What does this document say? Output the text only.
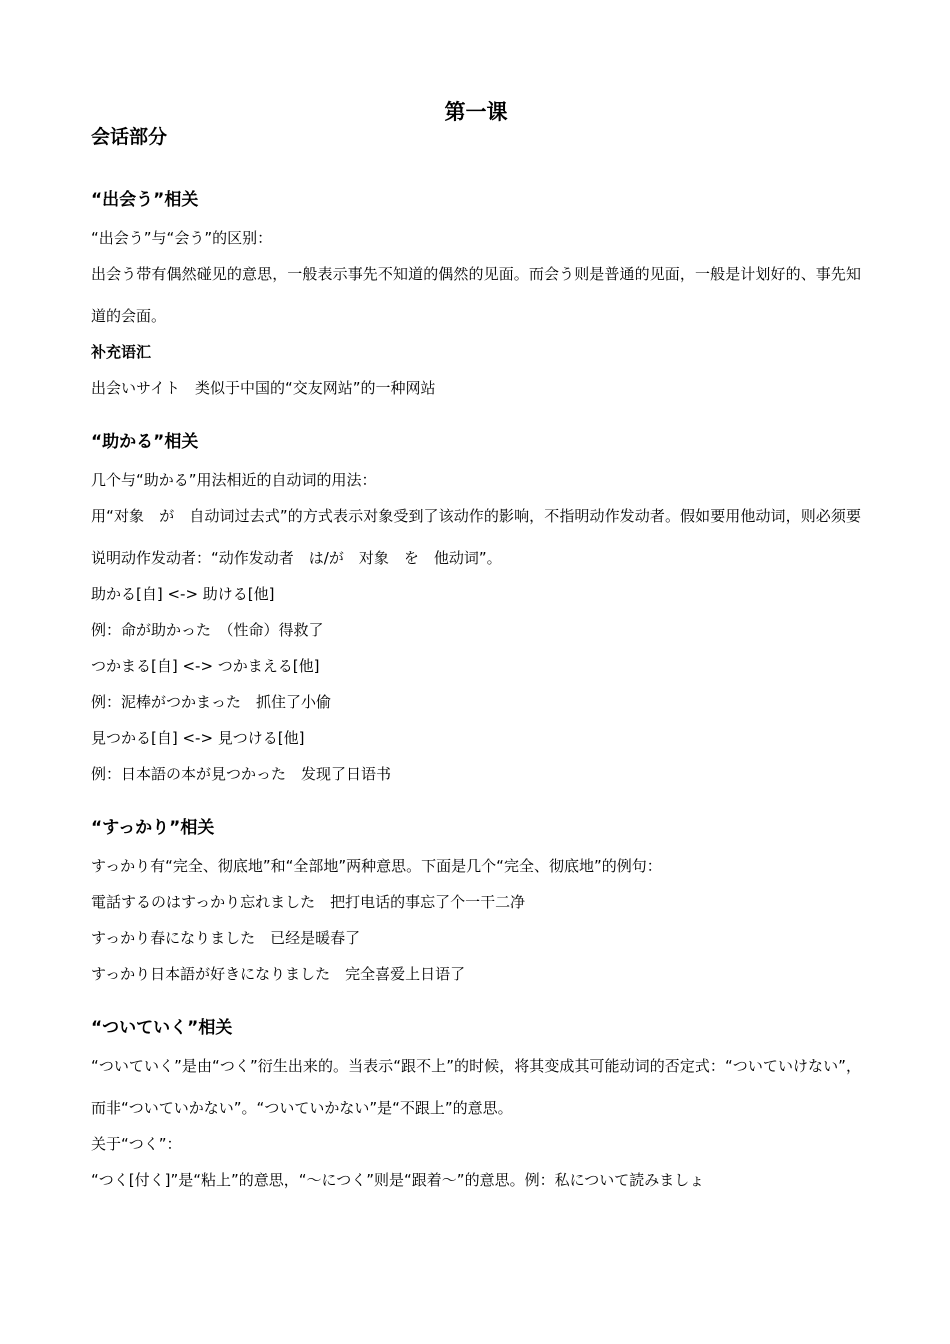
第一课
会话部分
“出会う”相关

“出会う”与“会う”的区别：

出会う带有偶然碰见的意思，一般表示事先不知道的偶然的见面。而会う则是普通的见面，一般是计划好的、事先知道的会面。

补充语汇

出会いサイト　类似于中国的“交友网站”的一种网站

“助かる”相关

几个与“助かる”用法相近的自动词的用法：

用“对象　が　自动词过去式”的方式表示对象受到了该动作的影响，不指明动作发动者。假如要用他动词，则必须要说明动作发动者：“动作发动者　は/が　对象　を　他动词”。

助かる[自] <-> 助ける[他]

例：命が助かった　（性命）得救了

つかまる[自] <-> つかまえる[他]

例：泥棒がつかまった　抓住了小偷

見つかる[自] <-> 見つける[他]

例：日本語の本が見つかった　发现了日语书

“すっかり”相关

すっかり有“完全、彻底地”和“全部地”两种意思。下面是几个“完全、彻底地”的例句：

電話するのはすっかり忘れました　把打电话的事忘了个一干二净

すっかり春になりました　已经是暖春了

すっかり日本語が好きになりました　完全喜爱上日语了

“ついていく”相关

“ついていく”是由“つく”衍生出来的。当表示“跟不上”的时候，将其变成其可能动词的否定式：“ついていけない”，而非“ついていかない”。“ついていかない”是“不跟上”的意思。

关于“つく”：

“つく[付く]”是“粘上”的意思，“～につく”则是“跟着～”的意思。例：私について読みましょ
